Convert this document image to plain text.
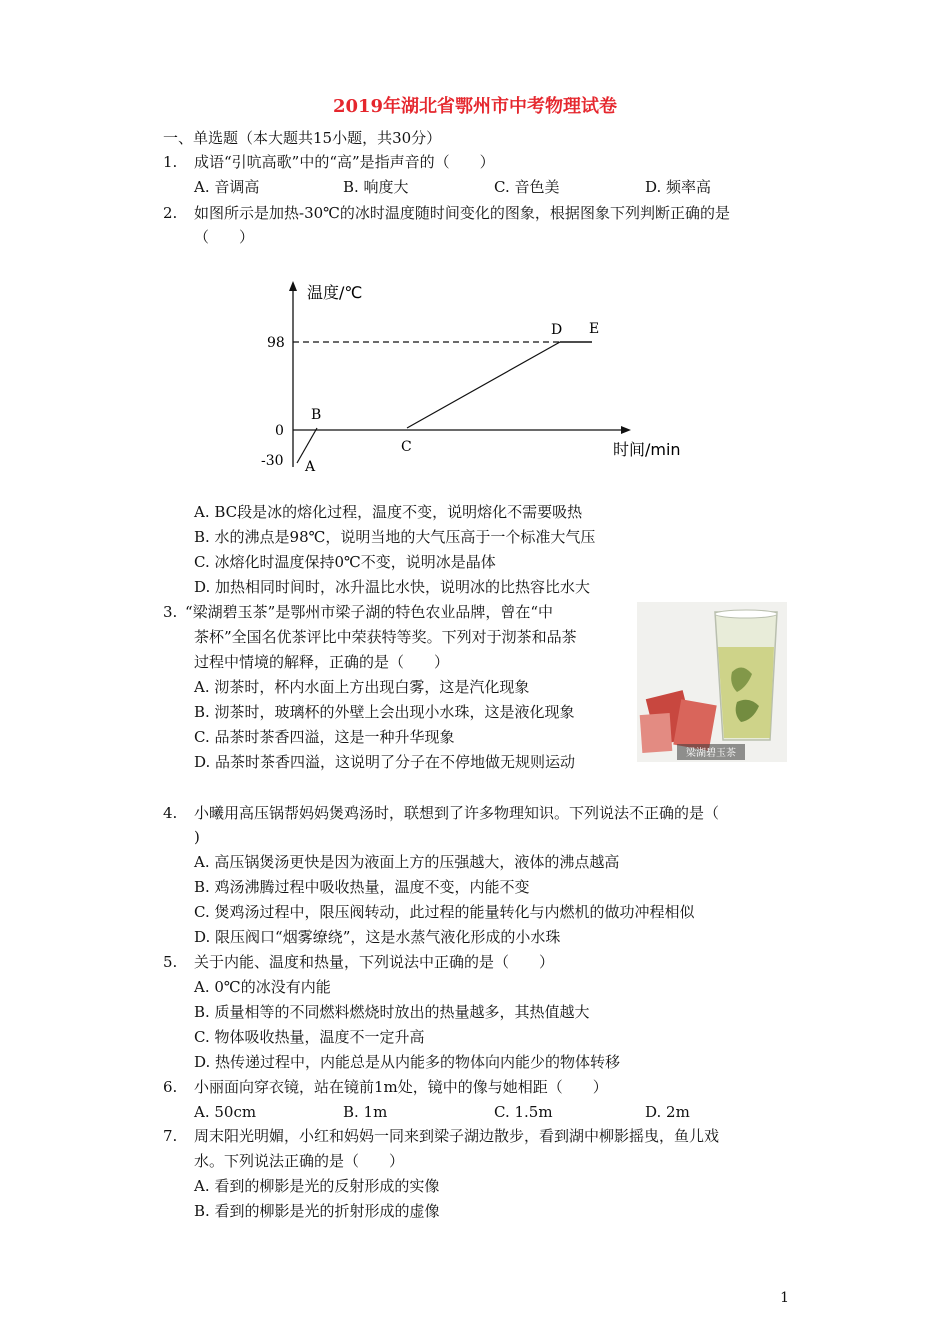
2019年湖北省鄂州市中考物理试卷
一、单选题（本大题共15小题，共30分）
1. 成语“引吭高歌”中的“高”是指声音的（　　）
A. 音调高	B. 响度大	C. 音色美	D. 频率高
2. 如图所示是加热-30℃的冰时温度随时间变化的图象，根据图象下列判断正确的是
（　　）
温度/℃
时间/min
98
0
-30 A
B
C
D E
A. BC段是冰的熔化过程，温度不变，说明熔化不需要吸热
B. 水的沸点是98℃，说明当地的大气压高于一个标准大气压
C. 冰熔化时温度保持0℃不变，说明冰是晶体
D. 加热相同时间时，冰升温比水快，说明冰的比热容比水大
3. “梁湖碧玉茶”是鄂州市梁子湖的特色农业品牌，曾在“中
茶杯”全国名优茶评比中荣获特等奖。下列对于沏茶和品茶
过程中情境的解释，正确的是（　　）
A. 沏茶时，杯内水面上方出现白雾，这是汽化现象
B. 沏茶时，玻璃杯的外壁上会出现小水珠，这是液化现象
C. 品茶时茶香四溢，这是一种升华现象
D. 品茶时茶香四溢，这说明了分子在不停地做无规则运动	梁湖碧玉茶
4. 小曦用高压锅帮妈妈煲鸡汤时，联想到了许多物理知识。下列说法不正确的是（
)
A. 高压锅煲汤更快是因为液面上方的压强越大，液体的沸点越高
B. 鸡汤沸腾过程中吸收热量，温度不变，内能不变
C. 煲鸡汤过程中，限压阀转动，此过程的能量转化与内燃机的做功冲程相似
D. 限压阀口“烟雾缭绕”，这是水蒸气液化形成的小水珠
5. 关于内能、温度和热量，下列说法中正确的是（　　）
A. 0℃的冰没有内能
B. 质量相等的不同燃料燃烧时放出的热量越多，其热值越大
C. 物体吸收热量，温度不一定升高
D. 热传递过程中，内能总是从内能多的物体向内能少的物体转移
6. 小丽面向穿衣镜，站在镜前1m处，镜中的像与她相距（　　）
A. 50cm	B. 1m	C. 1.5m	D. 2m
7. 周末阳光明媚，小红和妈妈一同来到梁子湖边散步，看到湖中柳影摇曳，鱼儿戏
水。下列说法正确的是（　　）
A. 看到的柳影是光的反射形成的实像
B. 看到的柳影是光的折射形成的虚像
1
